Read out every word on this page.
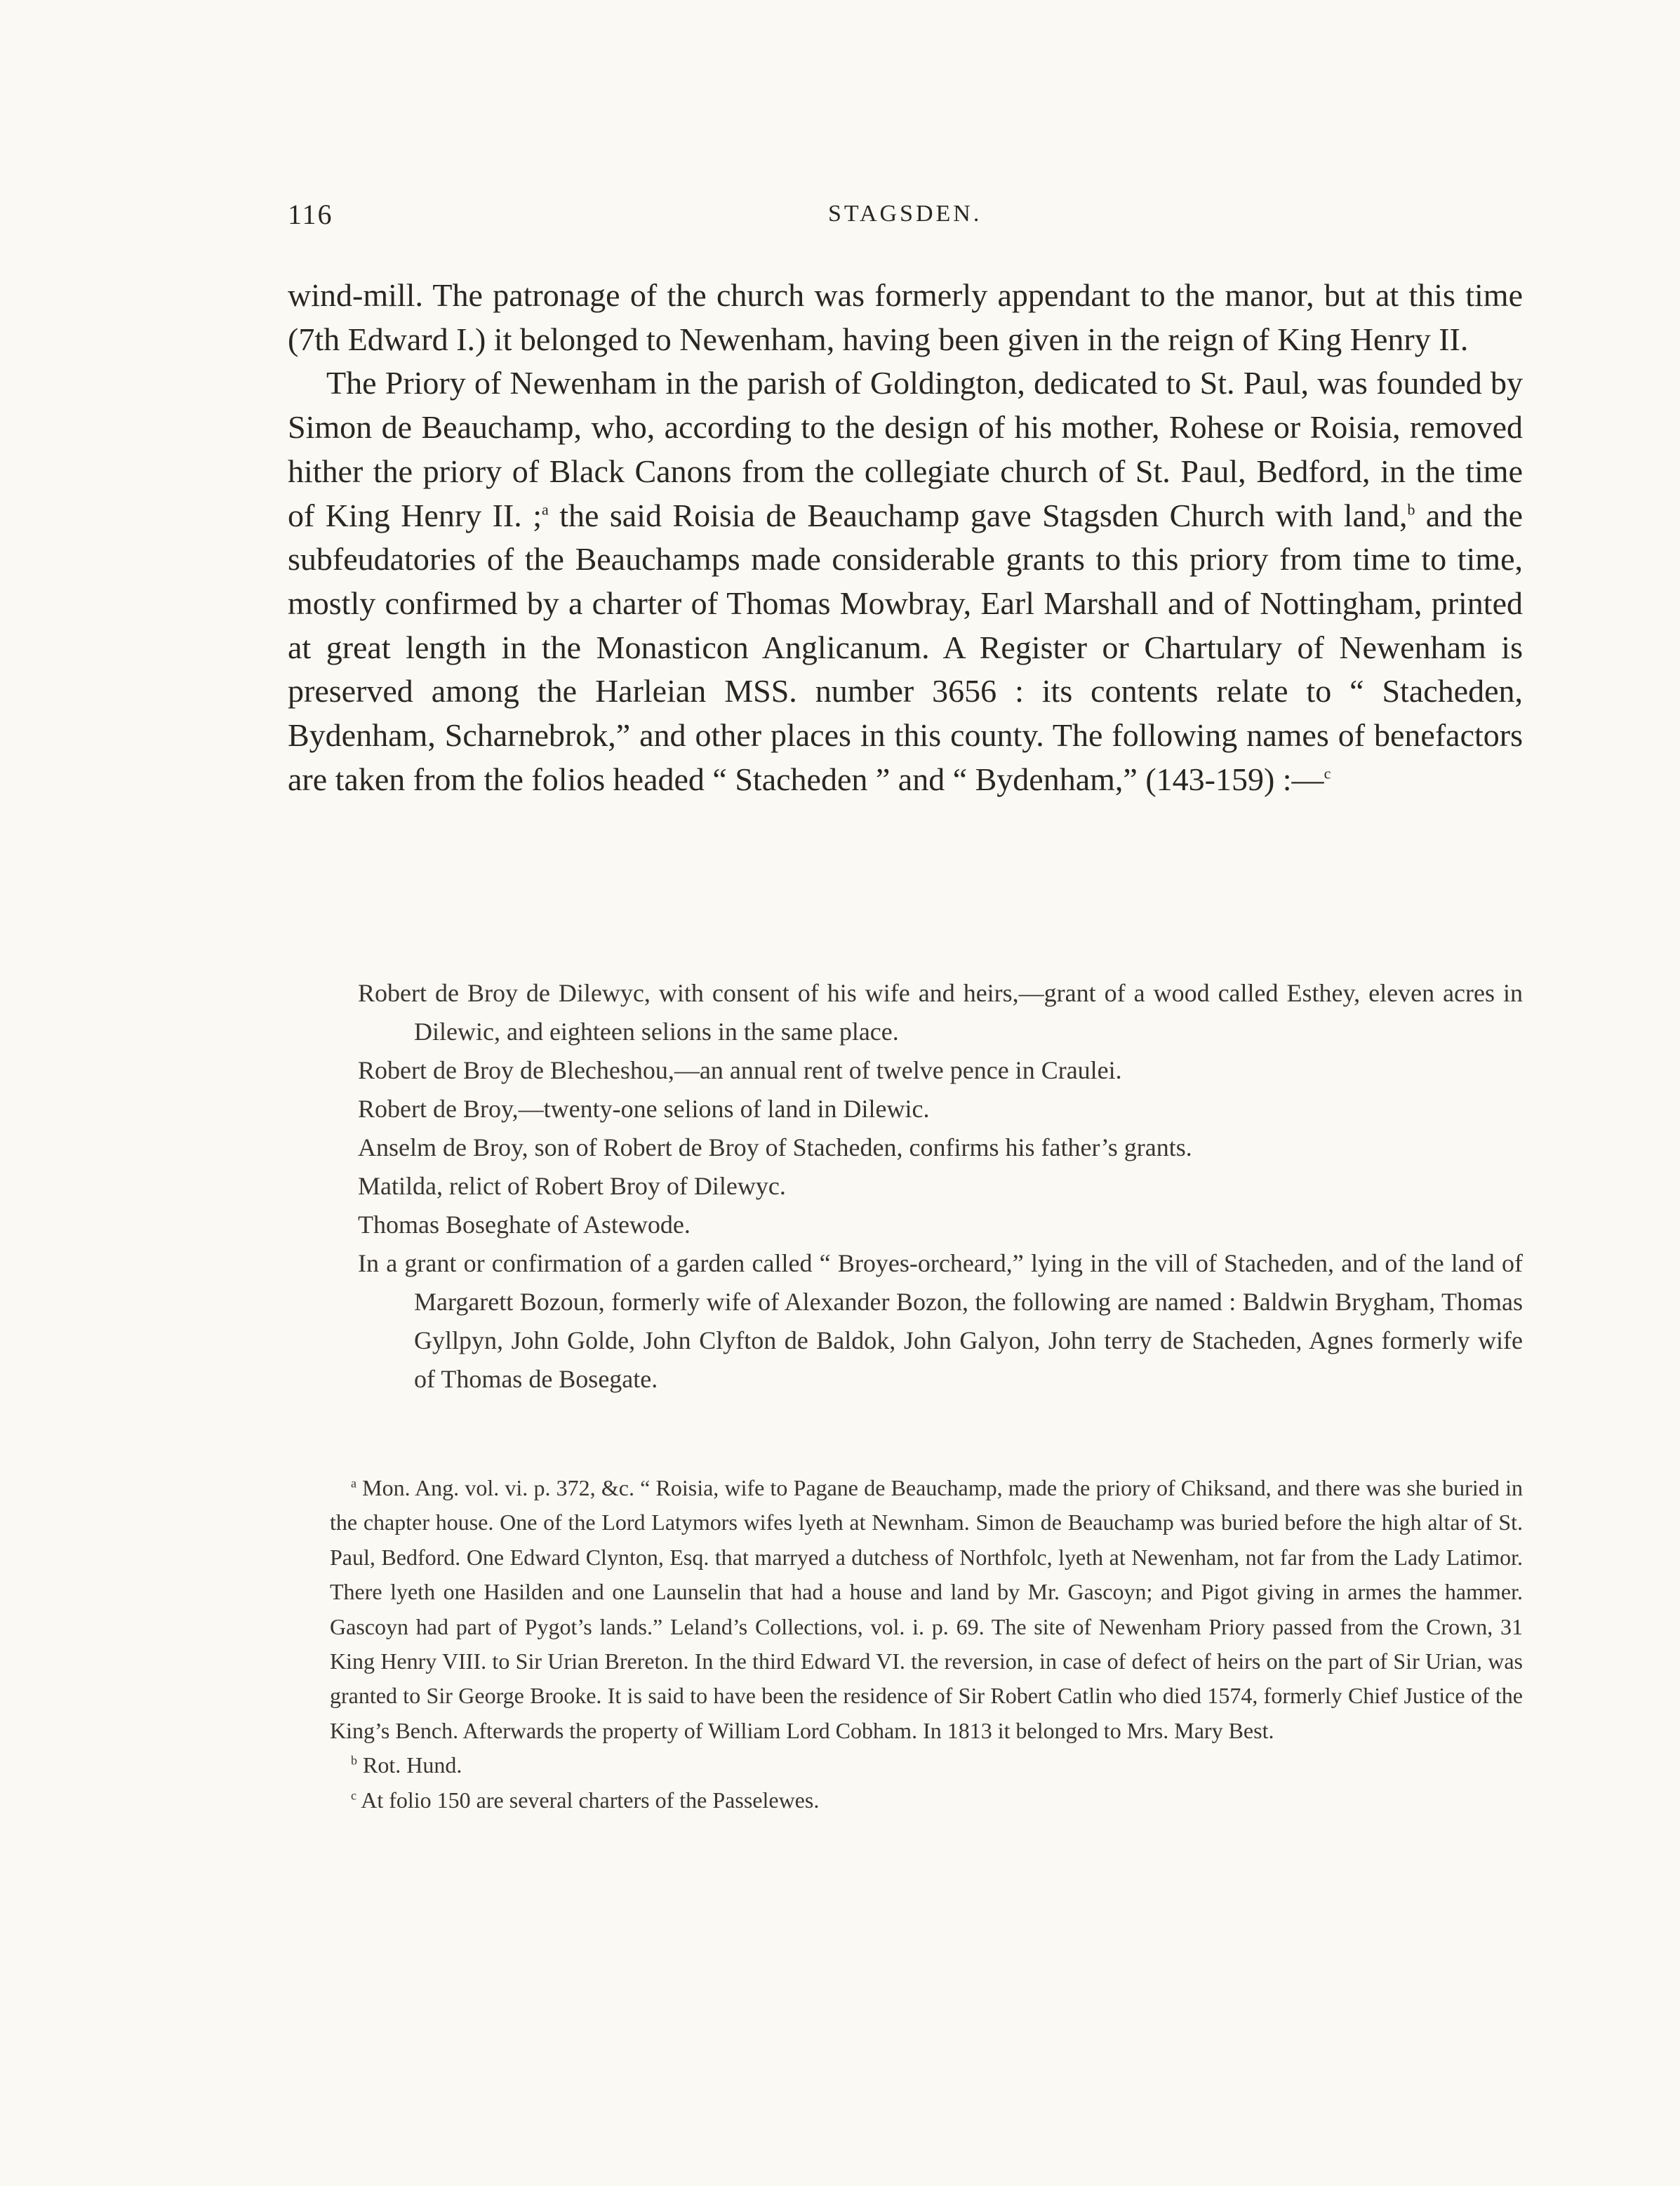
116	STAGSDEN.

wind-mill. The patronage of the church was formerly appendant to the manor, but at this time (7th Edward I.) it belonged to Newenham, having been given in the reign of King Henry II.

The Priory of Newenham in the parish of Goldington, dedicated to St. Paul, was founded by Simon de Beauchamp, who, according to the design of his mother, Rohese or Roisia, removed hither the priory of Black Canons from the collegiate church of St. Paul, Bedford, in the time of King Henry II. ;$^a$ the said Roisia de Beauchamp gave Stagsden Church with land,$^b$ and the subfeudatories of the Beauchamps made considerable grants to this priory from time to time, mostly confirmed by a charter of Thomas Mowbray, Earl Marshall and of Nottingham, printed at great length in the Monasticon Anglicanum. A Register or Chartulary of Newenham is preserved among the Harleian MSS. number 3656 : its contents relate to “ Stacheden, Bydenham, Scharnebrok,” and other places in this county. The following names of benefactors are taken from the folios headed “ Stacheden ” and “ Bydenham,” (143-159) :—$^c$

Robert de Broy de Dilewyc, with consent of his wife and heirs,—grant of a wood called Esthey, eleven acres in Dilewic, and eighteen selions in the same place.
Robert de Broy de Blecheshou,—an annual rent of twelve pence in Craulei.
Robert de Broy,—twenty-one selions of land in Dilewic.
Anselm de Broy, son of Robert de Broy of Stacheden, confirms his father’s grants.
Matilda, relict of Robert Broy of Dilewyc.
Thomas Boseghate of Astewode.
In a grant or confirmation of a garden called “ Broyes-orcheard,” lying in the vill of Stacheden, and of the land of Margarett Bozoun, formerly wife of Alexander Bozon, the following are named : Baldwin Brygham, Thomas Gyllpyn, John Golde, John Clyfton de Baldok, John Galyon, John terry de Stacheden, Agnes formerly wife of Thomas de Bosegate.

$^a$ Mon. Ang. vol. vi. p. 372, &c. “ Roisia, wife to Pagane de Beauchamp, made the priory of Chiksand, and there was she buried in the chapter house. One of the Lord Latymors wifes lyeth at Newnham. Simon de Beauchamp was buried before the high altar of St. Paul, Bedford. One Edward Clynton, Esq. that marryed a dutchess of Northfolc, lyeth at Newenham, not far from the Lady Latimor. There lyeth one Hasilden and one Launselin that had a house and land by Mr. Gascoyn; and Pigot giving in armes the hammer. Gascoyn had part of Pygot’s lands.” Leland’s Collections, vol. i. p. 69. The site of Newenham Priory passed from the Crown, 31 King Henry VIII. to Sir Urian Brereton. In the third Edward VI. the reversion, in case of defect of heirs on the part of Sir Urian, was granted to Sir George Brooke. It is said to have been the residence of Sir Robert Catlin who died 1574, formerly Chief Justice of the King’s Bench. Afterwards the property of William Lord Cobham. In 1813 it belonged to Mrs. Mary Best.

$^b$ Rot. Hund.

$^c$ At folio 150 are several charters of the Passelewes.
